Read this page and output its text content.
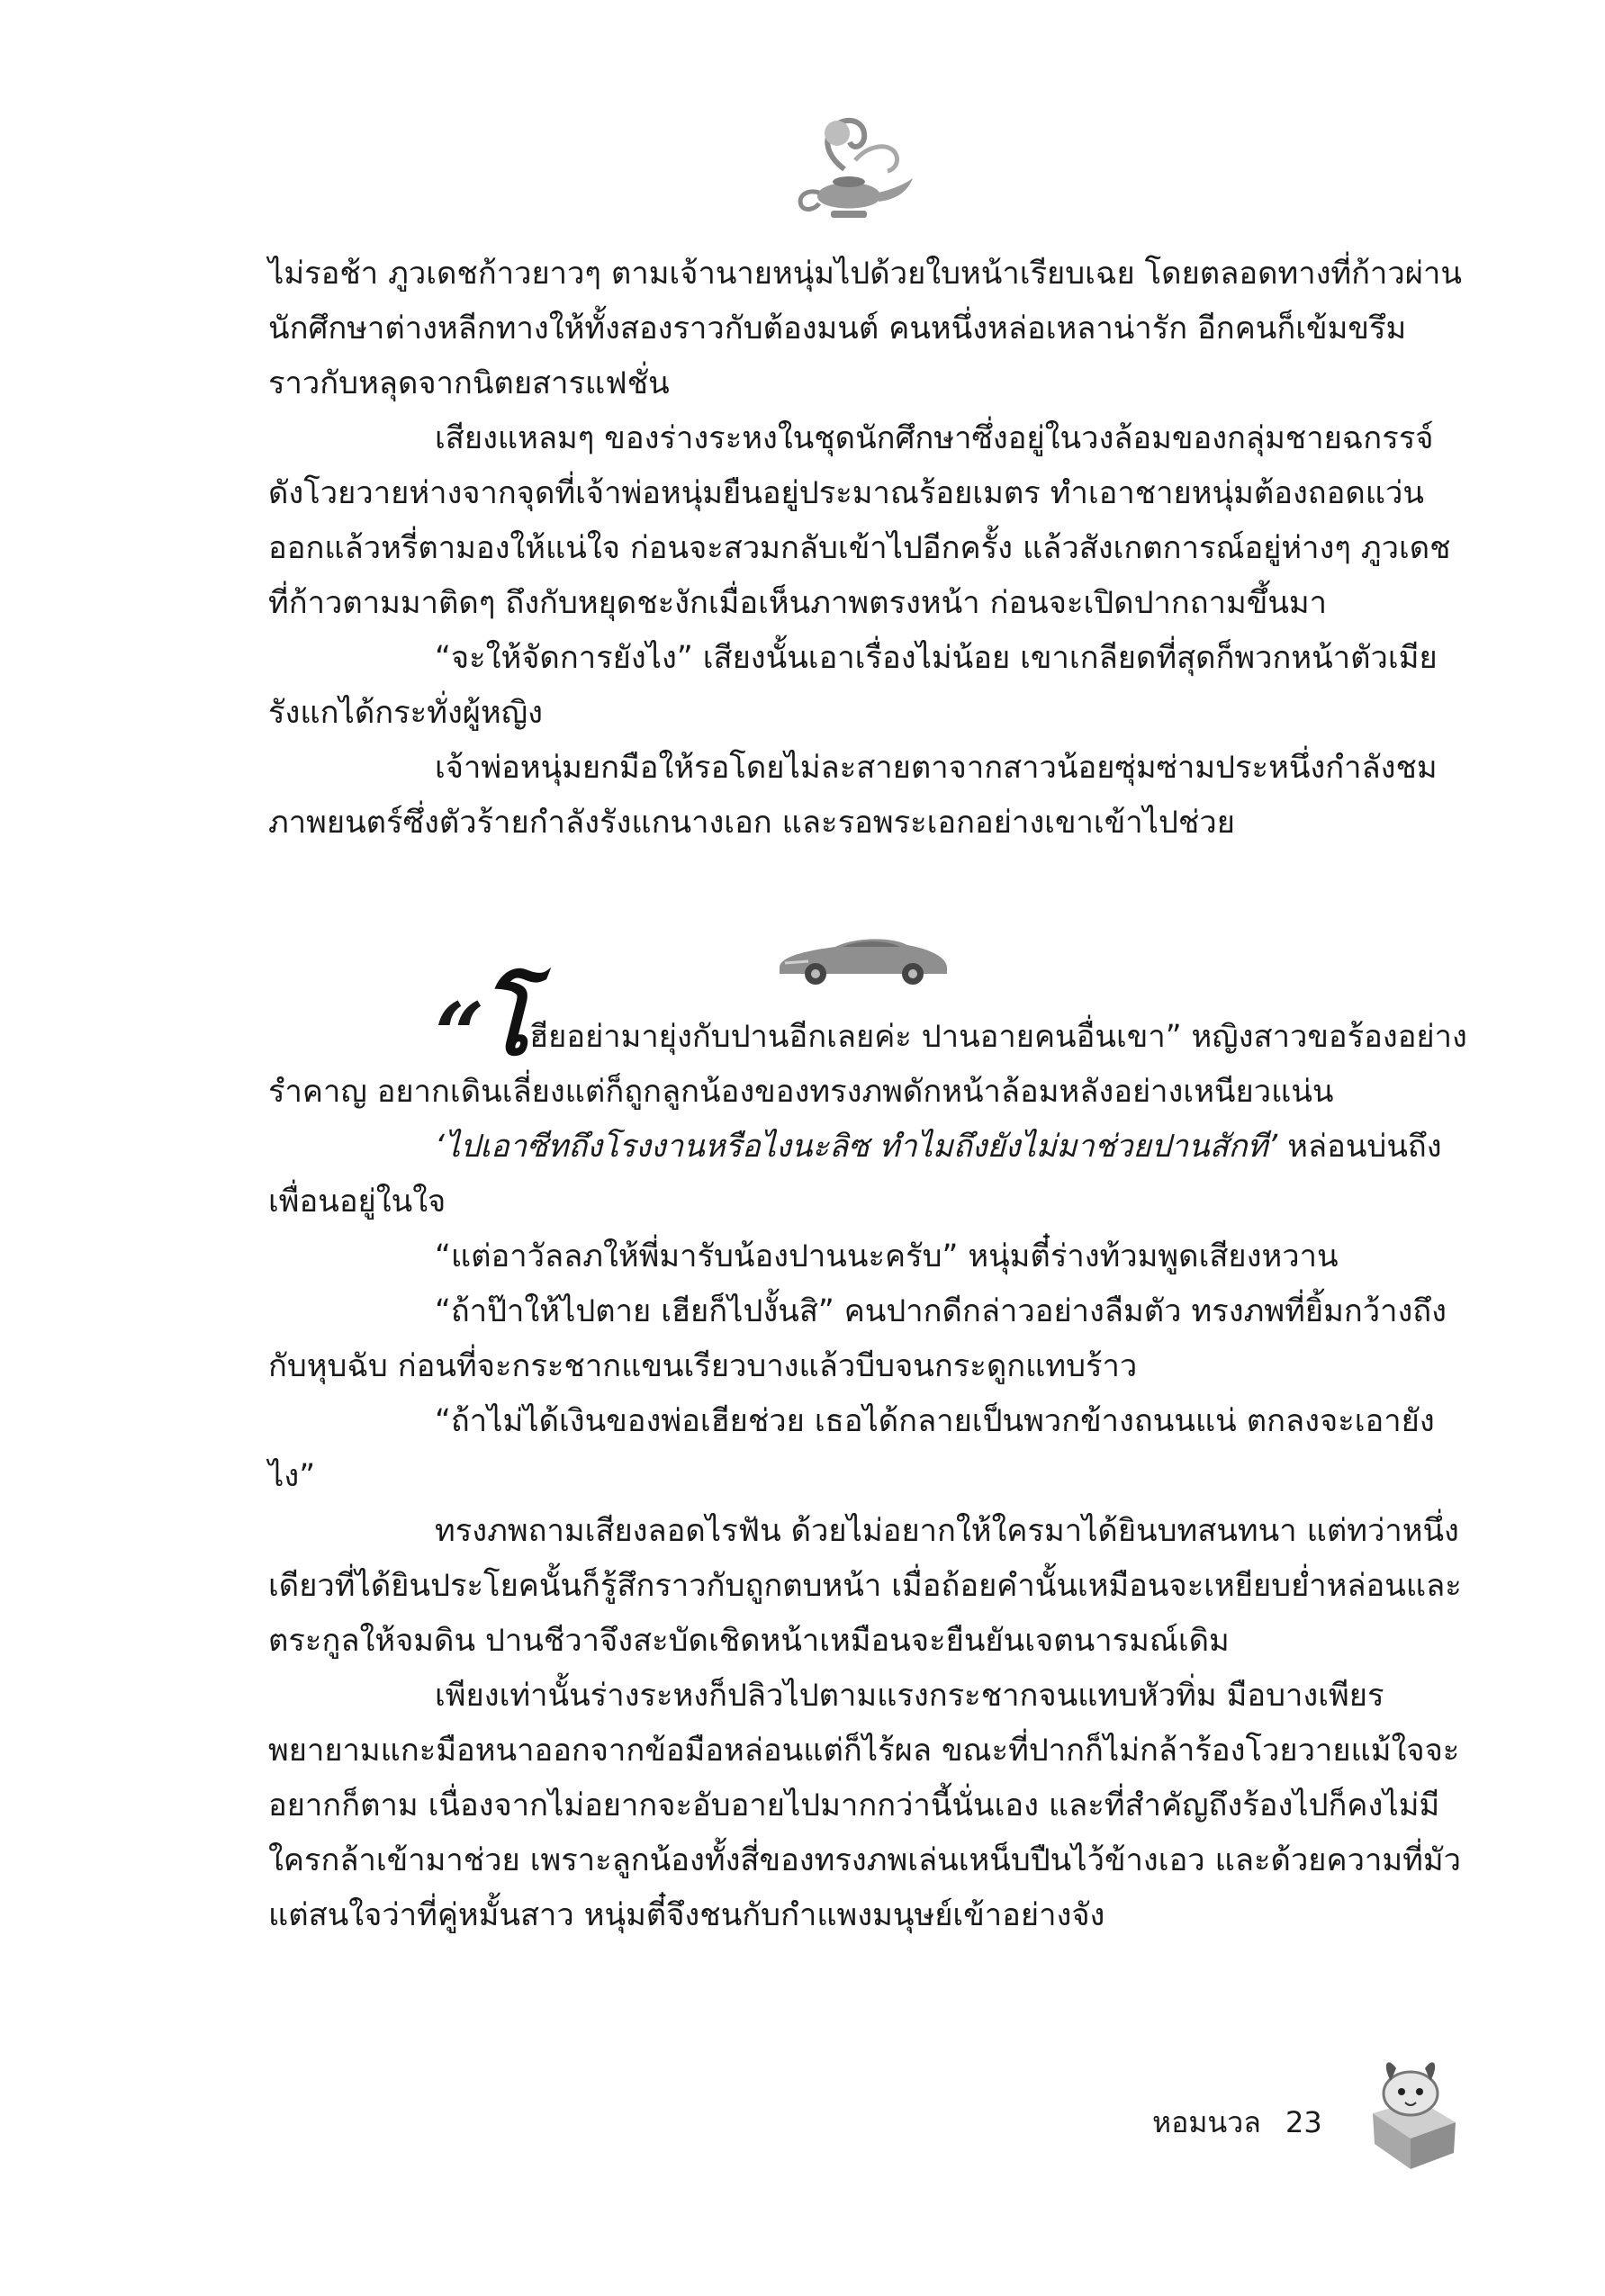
ไม่รอช้า ภูวเดชก้าวยาวๆ ตามเจ้านายหนุ่มไปด้วยใบหน้าเรียบเฉย โดยตลอดทางที่ก้าวผ่าน นักศึกษาต่างหลีกทางให้ทั้งสองราวกับต้องมนต์ คนหนึ่งหล่อเหลาน่ารัก อีกคนก็เข้มขรึมราวกับหลุดจากนิตยสารแฟชั่น

เสียงแหลมๆ ของร่างระหงในชุดนักศึกษาซึ่งอยู่ในวงล้อมของกลุ่มชายฉกรรจ์ดังโวยวายห่างจากจุดที่เจ้าพ่อหนุ่มยืนอยู่ประมาณร้อยเมตร ทำเอาชายหนุ่มต้องถอดแว่นออกแล้วหรี่ตามองให้แน่ใจ ก่อนจะสวมกลับเข้าไปอีกครั้ง แล้วสังเกตการณ์อยู่ห่างๆ ภูวเดชที่ก้าวตามมาติดๆ ถึงกับหยุดชะงักเมื่อเห็นภาพตรงหน้า ก่อนจะเปิดปากถามขึ้นมา

“จะให้จัดการยังไง” เสียงนั้นเอาเรื่องไม่น้อย เขาเกลียดที่สุดก็พวกหน้าตัวเมียรังแกได้กระทั่งผู้หญิง

เจ้าพ่อหนุ่มยกมือให้รอโดยไม่ละสายตาจากสาวน้อยซุ่มซ่ามประหนึ่งกำลังชมภาพยนตร์ซึ่งตัวร้ายกำลังรังแกนางเอก และรอพระเอกอย่างเขาเข้าไปช่วย

“โฮียอย่ามายุ่งกับปานอีกเลยค่ะ ปานอายคนอื่นเขา” หญิงสาวขอร้องอย่างรำคาญ อยากเดินเลี่ยงแต่ก็ถูกลูกน้องของทรงภพดักหน้าล้อมหลังอย่างเหนียวแน่น

‘ไปเอาซีทถึงโรงงานหรือไงนะลิซ ทำไมถึงยังไม่มาช่วยปานสักที’ หล่อนบ่นถึงเพื่อนอยู่ในใจ

“แต่อาวัลลภให้พี่มารับน้องปานนะครับ” หนุ่มตี๋ร่างท้วมพูดเสียงหวาน

“ถ้าป๊าให้ไปตาย เฮียก็ไปงั้นสิ” คนปากดีกล่าวอย่างลืมตัว ทรงภพที่ยิ้มกว้างถึงกับหุบฉับ ก่อนที่จะกระชากแขนเรียวบางแล้วบีบจนกระดูกแทบร้าว

“ถ้าไม่ได้เงินของพ่อเฮียช่วย เธอได้กลายเป็นพวกข้างถนนแน่ ตกลงจะเอายังไง”

ทรงภพถามเสียงลอดไรฟัน ด้วยไม่อยากให้ใครมาได้ยินบทสนทนา แต่ทว่าหนึ่งเดียวที่ได้ยินประโยคนั้นก็รู้สึกราวกับถูกตบหน้า เมื่อถ้อยคำนั้นเหมือนจะเหยียบย่ำหล่อนและตระกูลให้จมดิน ปานชีวาจึงสะบัดเชิดหน้าเหมือนจะยืนยันเจตนารมณ์เดิม

เพียงเท่านั้นร่างระหงก็ปลิวไปตามแรงกระชากจนแทบหัวทิ่ม มือบางเพียรพยายามแกะมือหนาออกจากข้อมือหล่อนแต่ก็ไร้ผล ขณะที่ปากก็ไม่กล้าร้องโวยวายแม้ใจจะอยากก็ตาม เนื่องจากไม่อยากจะอับอายไปมากกว่านี้นั่นเอง และที่สำคัญถึงร้องไปก็คงไม่มีใครกล้าเข้ามาช่วย เพราะลูกน้องทั้งสี่ของทรงภพเล่นเหน็บปืนไว้ข้างเอว และด้วยความที่มัวแต่สนใจว่าที่คู่หมั้นสาว หนุ่มตี๋จึงชนกับกำแพงมนุษย์เข้าอย่างจัง

หอมนวล 23
